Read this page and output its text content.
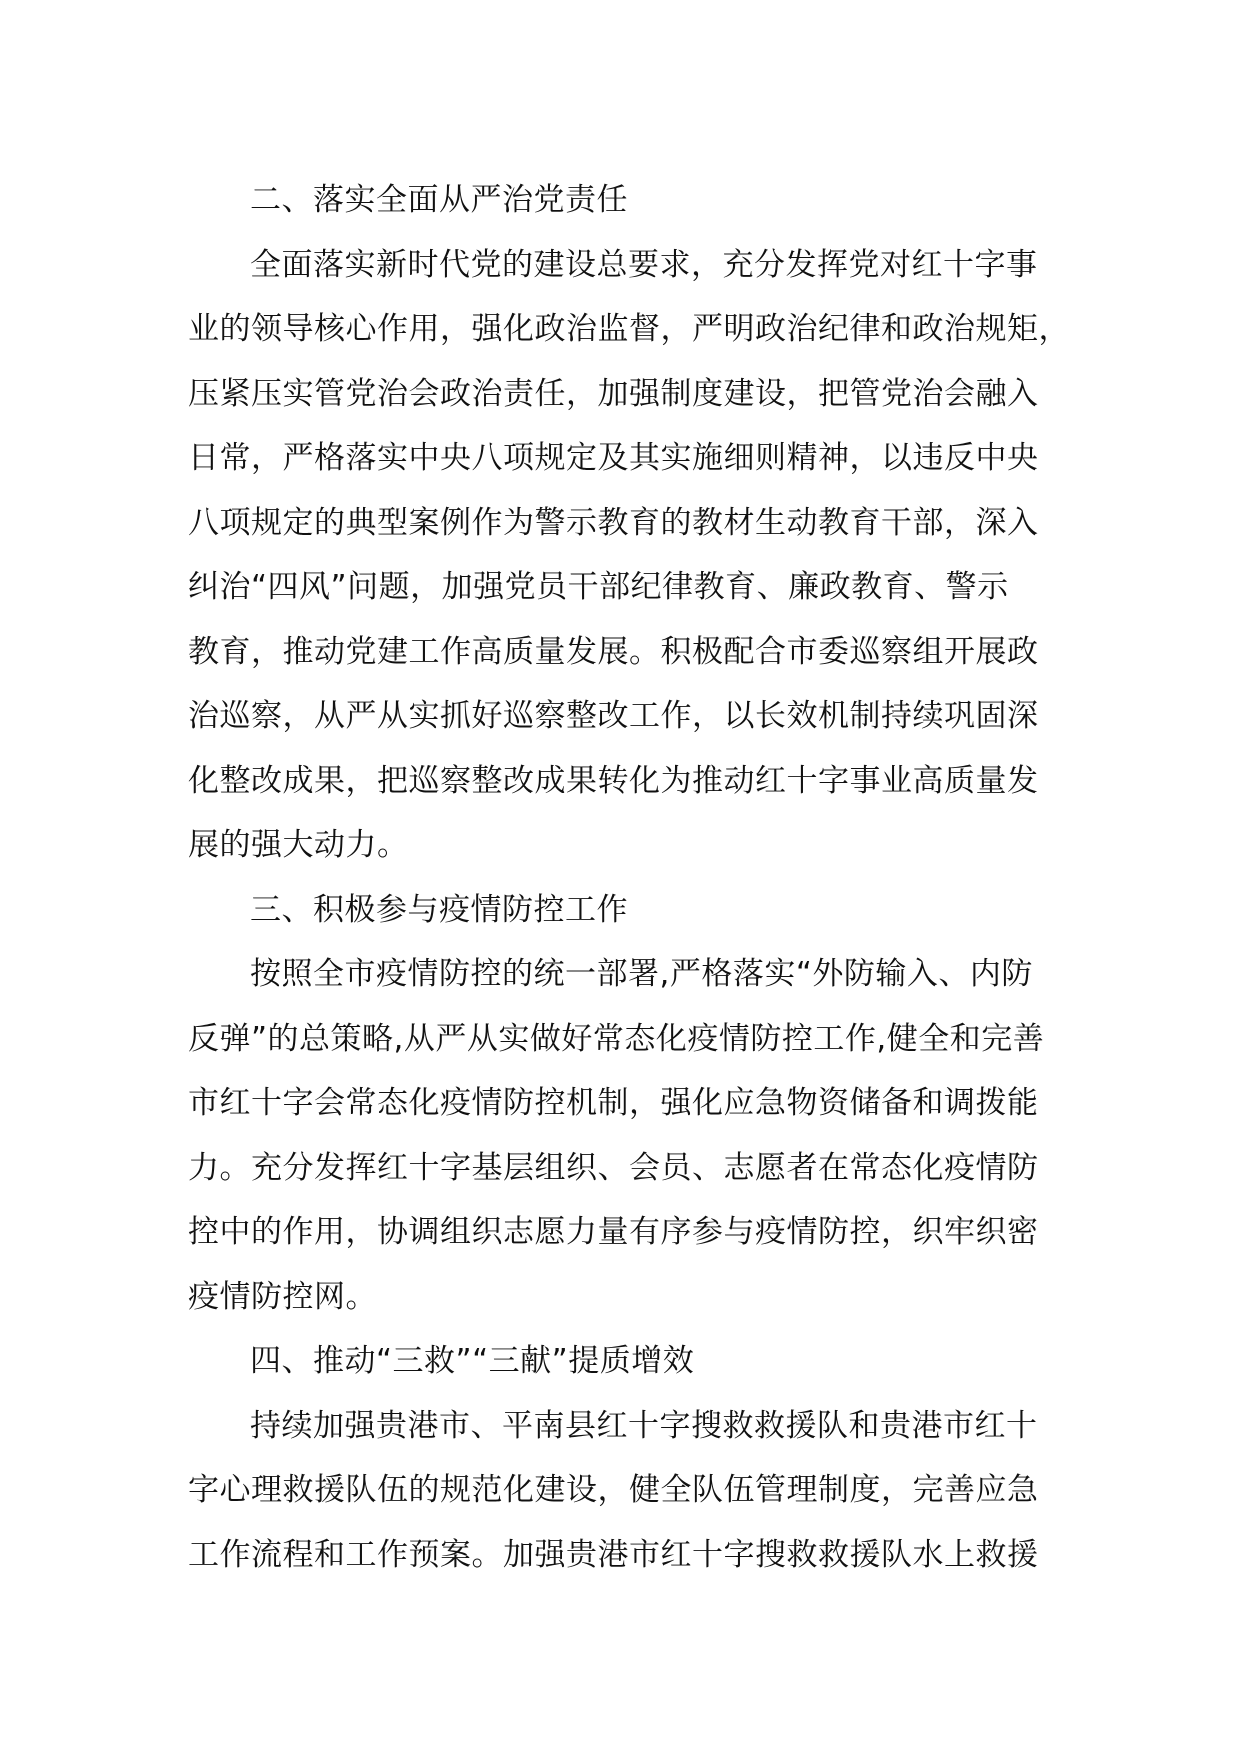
二、落实全面从严治党责任

全面落实新时代党的建设总要求，充分发挥党对红十字事
业的领导核心作用，强化政治监督，严明政治纪律和政治规矩，
压紧压实管党治会政治责任，加强制度建设，把管党治会融入
日常，严格落实中央八项规定及其实施细则精神，以违反中央
八项规定的典型案例作为警示教育的教材生动教育干部，深入
纠治“四风”问题，加强党员干部纪律教育、廉政教育、警示
教育，推动党建工作高质量发展。积极配合市委巡察组开展政
治巡察，从严从实抓好巡察整改工作，以长效机制持续巩固深
化整改成果，把巡察整改成果转化为推动红十字事业高质量发
展的强大动力。

三、积极参与疫情防控工作

按照全市疫情防控的统一部署,严格落实“外防输入、内防
反弹”的总策略,从严从实做好常态化疫情防控工作,健全和完善
市红十字会常态化疫情防控机制，强化应急物资储备和调拨能
力。充分发挥红十字基层组织、会员、志愿者在常态化疫情防
控中的作用，协调组织志愿力量有序参与疫情防控，织牢织密
疫情防控网。

四、推动“三救”“三献”提质增效

持续加强贵港市、平南县红十字搜救救援队和贵港市红十
字心理救援队伍的规范化建设，健全队伍管理制度，完善应急
工作流程和工作预案。加强贵港市红十字搜救救援队水上救援
